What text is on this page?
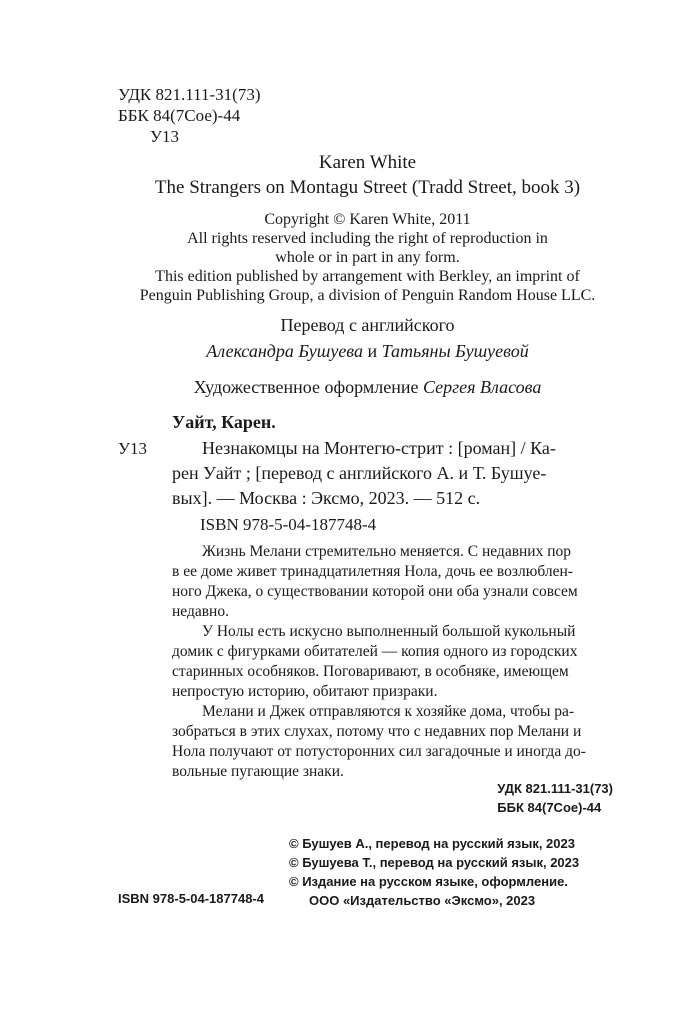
УДК 821.111-31(73)
ББК 84(7Сое)-44
У13
Karen White
The Strangers on Montagu Street (Tradd Street, book 3)
Copyright © Karen White, 2011
All rights reserved including the right of reproduction in
whole or in part in any form.
This edition published by arrangement with Berkley, an imprint of
Penguin Publishing Group, a division of Penguin Random House LLC.
Перевод с английского
Александра Бушуева и Татьяны Бушуевой
Художественное оформление Сергея Власова
Уайт, Карен.
У13	Незнакомцы на Монтегю-стрит : [роман] / Ка-
рен Уайт ; [перевод с английского А. и Т. Бушуе-
вых]. — Москва : Эксмо, 2023. — 512 с.
ISBN 978-5-04-187748-4
Жизнь Мелани стремительно меняется. С недавних пор
в ее доме живет тринадцатилетняя Нола, дочь ее возлюблен-
ного Джека, о существовании которой они оба узнали совсем
недавно.
У Нолы есть искусно выполненный большой кукольный
домик с фигурками обитателей — копия одного из городских
старинных особняков. Поговаривают, в особняке, имеющем
непростую историю, обитают призраки.
Мелани и Джек отправляются к хозяйке дома, чтобы ра-
зобраться в этих слухах, потому что с недавних пор Мелани и
Нола получают от потусторонних сил загадочные и иногда до-
вольные пугающие знаки.
УДК 821.111-31(73)
ББК 84(7Сое)-44
© Бушуев А., перевод на русский язык, 2023
© Бушуева Т., перевод на русский язык, 2023
© Издание на русском языке, оформление.
ООО «Издательство «Эксмо», 2023
ISBN 978-5-04-187748-4
